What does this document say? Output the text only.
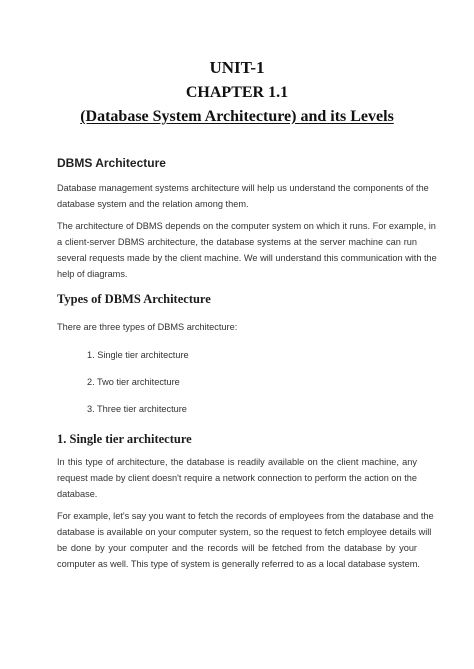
UNIT-1
CHAPTER 1.1
(Database System Architecture) and its Levels
DBMS Architecture

Database management systems architecture will help us understand the components of the

database system and the relation among them.

The architecture of DBMS depends on the computer system on which it runs. For example, in

a client-server DBMS architecture, the database systems at the server machine can run

several requests made by the client machine. We will understand this communication with the

help of diagrams.

Types of DBMS Architecture

There are three types of DBMS architecture:

1. Single tier architecture

2. Two tier architecture

3. Three tier architecture

1. Single tier architecture

In this type of architecture, the database is readily available on the client machine, any

request made by client doesn't require a network connection to perform the action on the

database.

For example, let's say you want to fetch the records of employees from the database and the

database is available on your computer system, so the request to fetch employee details will

be done by your computer and the records will be fetched from the database by your

computer as well. This type of system is generally referred to as a local database system.
